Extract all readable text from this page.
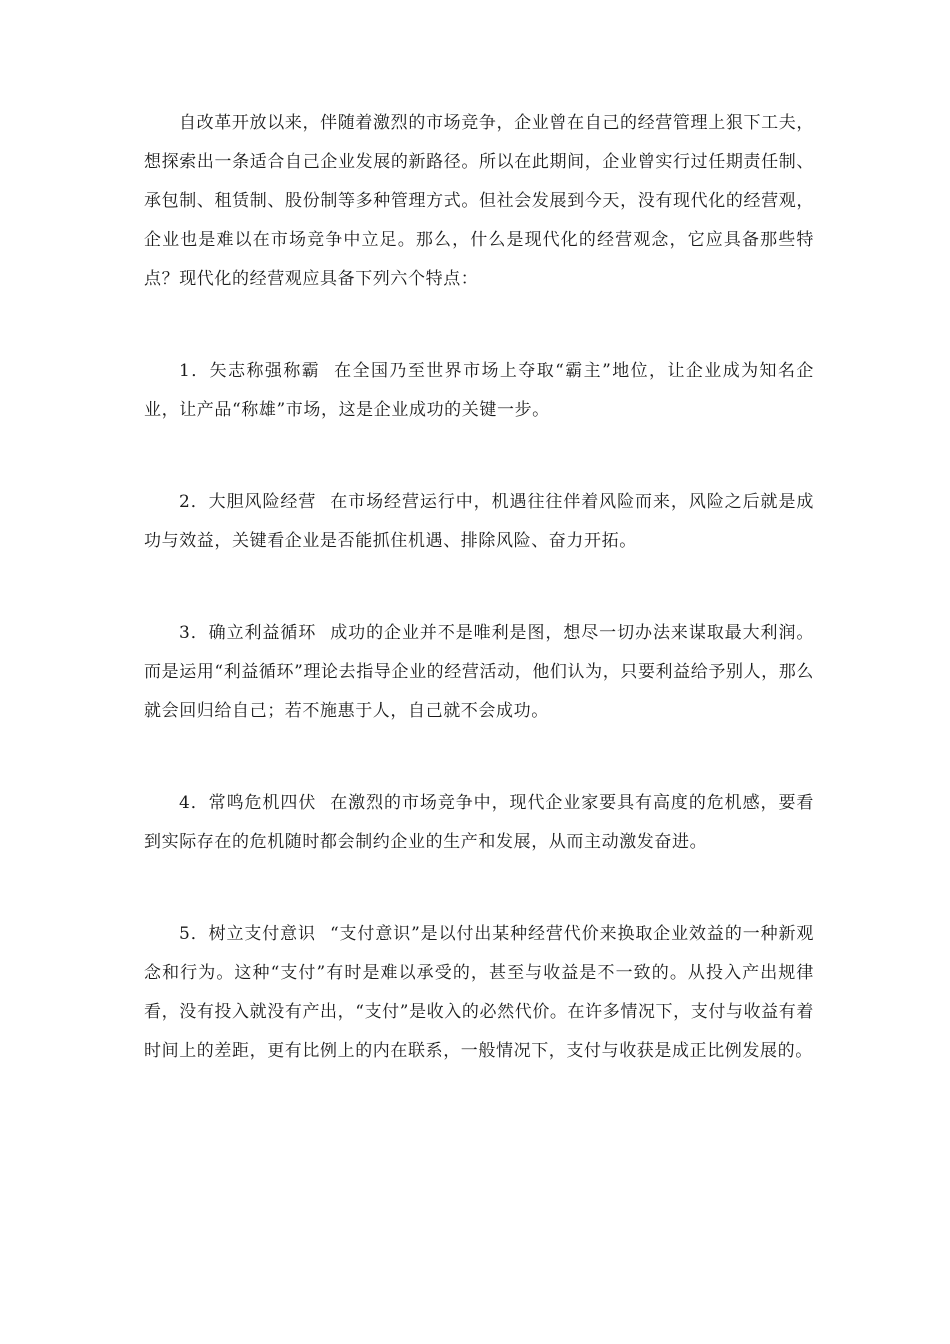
自改革开放以来，伴随着激烈的市场竞争，企业曾在自己的经营管理上狠下工夫，想探索出一条适合自己企业发展的新路径。所以在此期间，企业曾实行过任期责任制、承包制、租赁制、股份制等多种管理方式。但社会发展到今天，没有现代化的经营观，企业也是难以在市场竞争中立足。那么，什么是现代化的经营观念，它应具备那些特点？现代化的经营观应具备下列六个特点：

1．矢志称强称霸 在全国乃至世界市场上夺取“霸主”地位，让企业成为知名企业，让产品“称雄”市场，这是企业成功的关键一步。

2．大胆风险经营 在市场经营运行中，机遇往往伴着风险而来，风险之后就是成功与效益，关键看企业是否能抓住机遇、排除风险、奋力开拓。

3．确立利益循环 成功的企业并不是唯利是图，想尽一切办法来谋取最大利润。而是运用“利益循环”理论去指导企业的经营活动，他们认为，只要利益给予别人，那么就会回归给自己；若不施惠于人，自己就不会成功。

4．常鸣危机四伏 在激烈的市场竞争中，现代企业家要具有高度的危机感，要看到实际存在的危机随时都会制约企业的生产和发展，从而主动激发奋进。

5．树立支付意识 “支付意识”是以付出某种经营代价来换取企业效益的一种新观念和行为。这种“支付”有时是难以承受的，甚至与收益是不一致的。从投入产出规律看，没有投入就没有产出，“支付”是收入的必然代价。在许多情况下，支付与收益有着时间上的差距，更有比例上的内在联系，一般情况下，支付与收获是成正比例发展的。
